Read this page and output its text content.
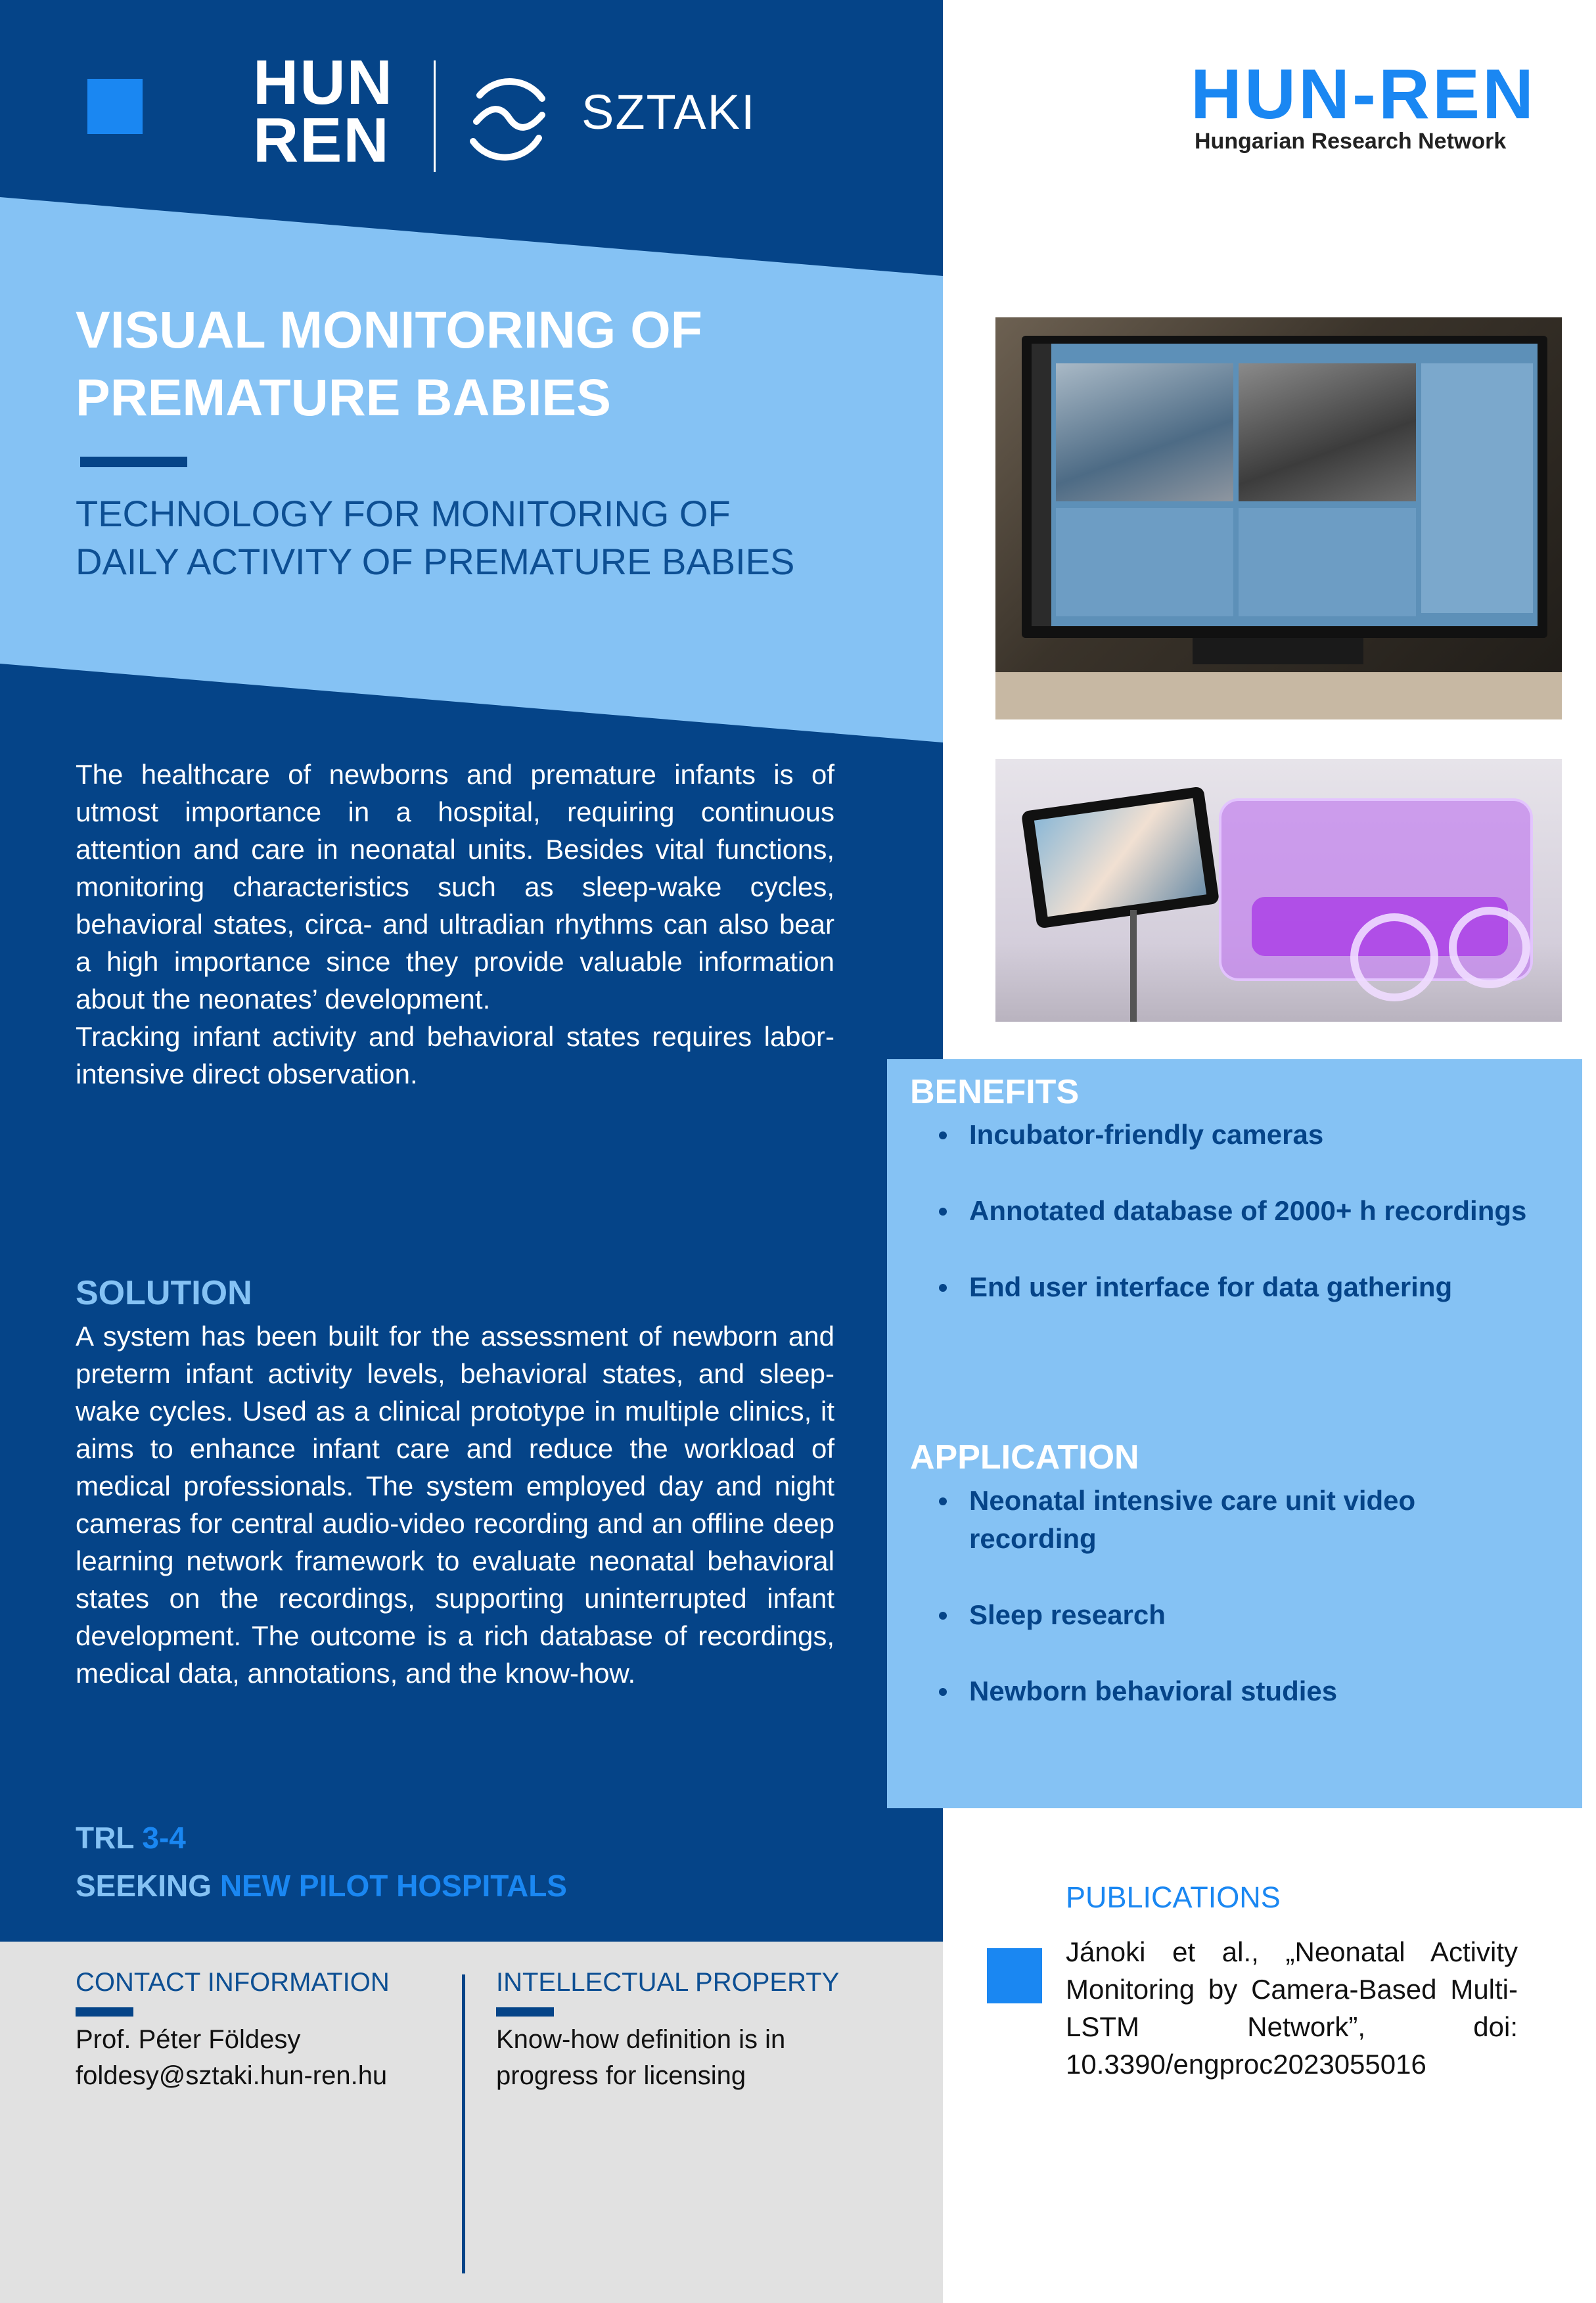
HUN
REN	SZTAKI	HUN-REN
Hungarian Research Network
VISUAL MONITORING OF
PREMATURE BABIES
TECHNOLOGY FOR MONITORING OF
DAILY ACTIVITY OF PREMATURE BABIES
The healthcare of newborns and premature infants is of utmost importance in a hospital, requiring continuous attention and care in neonatal units. Besides vital functions, monitoring characteristics such as sleep-wake cycles, behavioral states, circa- and ultradian rhythms can also bear a high importance since they provide valuable information about the neonates’ development.
Tracking infant activity and behavioral states requires labor-intensive direct observation.
SOLUTION
A system has been built for the assessment of newborn and preterm infant activity levels, behavioral states, and sleep-wake cycles. Used as a clinical prototype in multiple clinics, it aims to enhance infant care and reduce the workload of medical professionals. The system employed day and night cameras for central audio-video recording and an offline deep learning network framework to evaluate neonatal behavioral states on the recordings, supporting uninterrupted infant development. The outcome is a rich database of recordings, medical data, annotations, and the know-how.
TRL 3-4
SEEKING NEW PILOT HOSPITALS
BENEFITS
Incubator-friendly cameras
Annotated database of 2000+ h recordings
End user interface for data gathering
APPLICATION
Neonatal intensive care unit video recording
Sleep research
Newborn behavioral studies
CONTACT INFORMATION
Prof. Péter Földesy
foldesy@sztaki.hun-ren.hu
INTELLECTUAL PROPERTY
Know-how definition is in
progress for licensing
PUBLICATIONS
Jánoki et al., „Neonatal Activity Monitoring by Camera-Based Multi-LSTM Network”, doi: 10.3390/engproc2023055016
